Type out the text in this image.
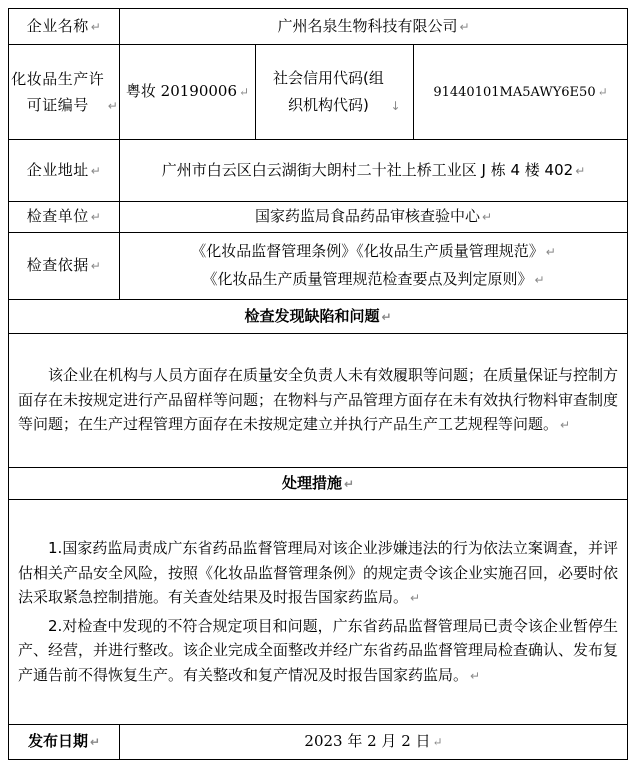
企业名称 ↵	广州名泉生物科技有限公司 ↵		
化妆品生产许可证编号 ↵	粤妆 20190006 ↵	社会信用代码(组织机构代码) ↓	91440101MA5AWY6E50 ↵
企业地址 ↵	广州市白云区白云湖街大朗村二十社上桥工业区 J 栋 4 楼 402 ↵		
检查单位 ↵	国家药监局食品药品审核查验中心 ↵		
检查依据 ↵	《化妆品监督管理条例》《化妆品生产质量管理规范》 ↵
《化妆品生产质量管理规范检查要点及判定原则》 ↵		

检查发现缺陷和问题 ↵			

该企业在机构与人员方面存在质量安全负责人未有效履职等问题；在质量保证与控制方面存在未按规定进行产品留样等问题；在物料与产品管理方面存在未有效执行物料审查制度等问题；在生产过程管理方面存在未按规定建立并执行产品生产工艺规程等问题。 ↵			

处理措施 ↵			

1.国家药监局责成广东省药品监督管理局对该企业涉嫌违法的行为依法立案调查，并评估相关产品安全风险，按照《化妆品监督管理条例》的规定责令该企业实施召回，必要时依法采取紧急控制措施。有关查处结果及时报告国家药监局。 ↵

2.对检查中发现的不符合规定项目和问题，广东省药品监督管理局已责令该企业暂停生产、经营，并进行整改。该企业完成全面整改并经广东省药品监督管理局检查确认、发布复产通告前不得恢复生产。有关整改和复产情况及时报告国家药监局。 ↵			

发布日期 ↵	2023 年 2 月 2 日 ↵		
